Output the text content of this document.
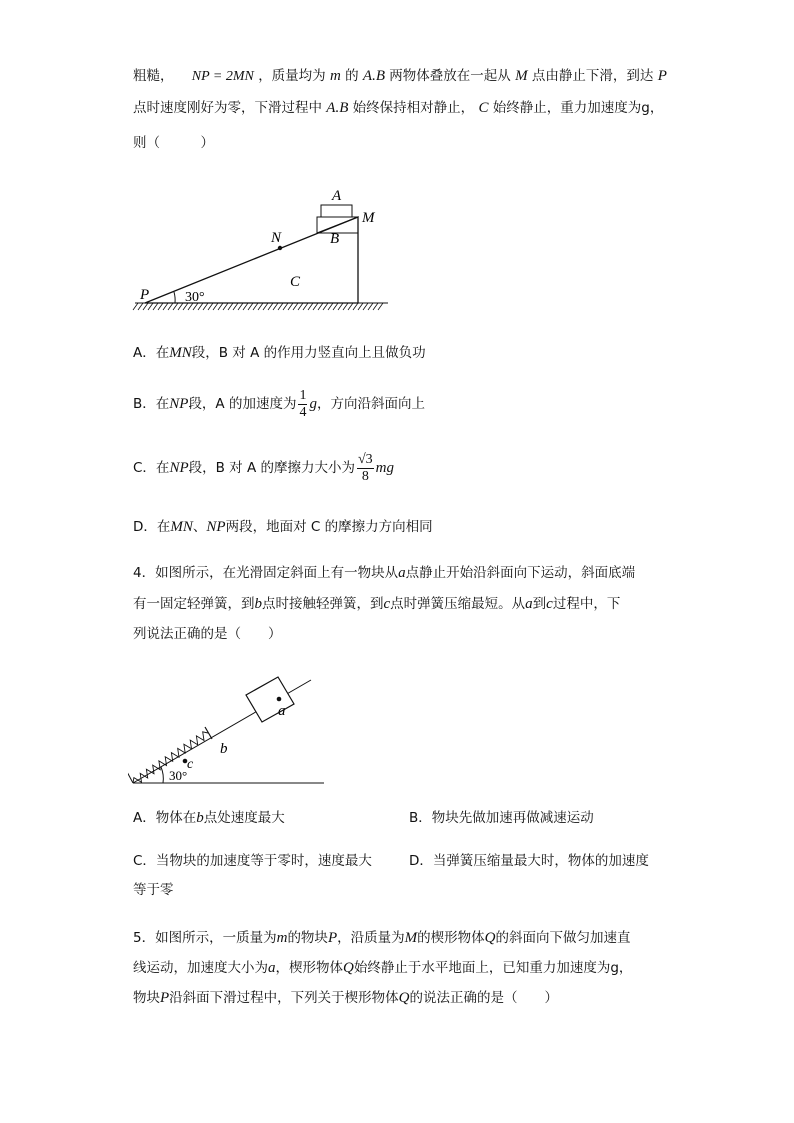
粗糙， NP = 2MN ，质量均为 m 的 A.B 两物体叠放在一起从 M 点由静止下滑，到达 P
点时速度刚好为零，下滑过程中 A.B 始终保持相对静止， C 始终静止，重力加速度为g，
则（　　　）
A
B
M
N
C
P	30°
A．在MN段，B 对 A 的作用力竖直向上且做负功
B．在NP段，A 的加速度为 $\frac{1}{4}$ g，方向沿斜面向上
C．在NP段，B 对 A 的摩擦力大小为 $\frac{√3}{8}$ mg
D．在MN、NP两段，地面对 C 的摩擦力方向相同
4．如图所示，在光滑固定斜面上有一物块从a点静止开始沿斜面向下运动，斜面底端
有一固定轻弹簧，到b点时接触轻弹簧，到c点时弹簧压缩最短。从a到c过程中，下
列说法正确的是（　　）
a
b
c
30°
A．物体在b点处速度最大	B．物块先做加速再做减速运动
C．当物块的加速度等于零时，速度最大	D．当弹簧压缩量最大时，物体的加速度
等于零
5．如图所示，一质量为m的物块P，沿质量为M的楔形物体Q的斜面向下做匀加速直
线运动，加速度大小为a，楔形物体Q始终静止于水平地面上，已知重力加速度为g，
物块P沿斜面下滑过程中，下列关于楔形物体Q的说法正确的是（　　）
